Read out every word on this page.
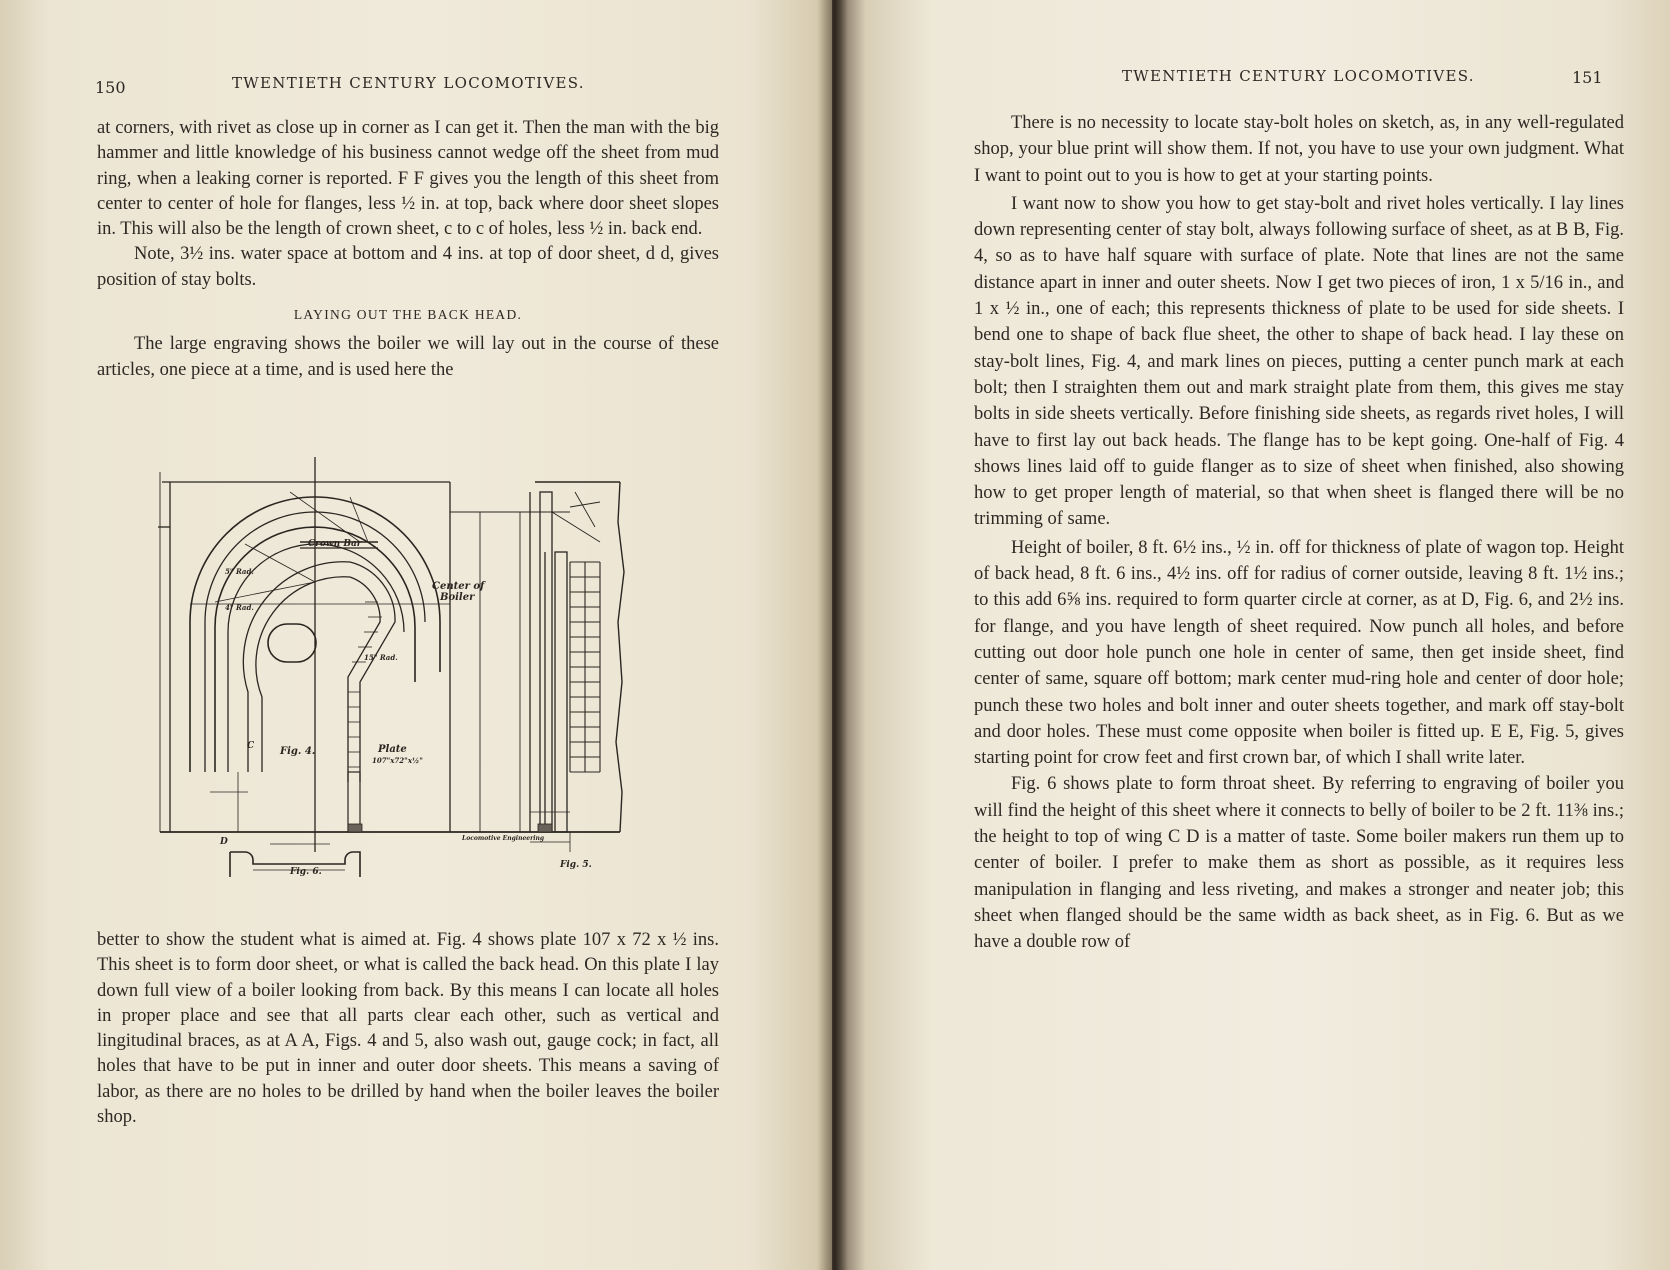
150	TWENTIETH CENTURY LOCOMOTIVES.

at corners, with rivet as close up in corner as I can get it. Then the man with the big hammer and little knowledge of his business cannot wedge off the sheet from mud ring, when a leaking corner is reported. F F gives you the length of this sheet from center to center of hole for flanges, less ½ in. at top, back where door sheet slopes in. This will also be the length of crown sheet, c to c of holes, less ½ in. back end.

Note, 3½ ins. water space at bottom and 4 ins. at top of door sheet, d d, gives position of stay bolts.

LAYING OUT THE BACK HEAD.

The large engraving shows the boiler we will lay out in the course of these articles, one piece at a time, and is used here the

Crown Bar
Center of
Boiler
Fig. 4.	Plate
107"x72"x½"
5" Rad.
4" Rad.
15" Rad.
Locomotive Engineering
Fig. 6.
Fig. 5.
C
D

better to show the student what is aimed at. Fig. 4 shows plate 107 x 72 x ½ ins. This sheet is to form door sheet, or what is called the back head. On this plate I lay down full view of a boiler looking from back. By this means I can locate all holes in proper place and see that all parts clear each other, such as vertical and lingitudinal braces, as at A A, Figs. 4 and 5, also wash out, gauge cock; in fact, all holes that have to be put in inner and outer door sheets. This means a saving of labor, as there are no holes to be drilled by hand when the boiler leaves the boiler shop.

TWENTIETH CENTURY LOCOMOTIVES.	151

There is no necessity to locate stay-bolt holes on sketch, as, in any well-regulated shop, your blue print will show them. If not, you have to use your own judgment. What I want to point out to you is how to get at your starting points.

I want now to show you how to get stay-bolt and rivet holes vertically. I lay lines down representing center of stay bolt, always following surface of sheet, as at B B, Fig. 4, so as to have half square with surface of plate. Note that lines are not the same distance apart in inner and outer sheets. Now I get two pieces of iron, 1 x 5/16 in., and 1 x ½ in., one of each; this represents thickness of plate to be used for side sheets. I bend one to shape of back flue sheet, the other to shape of back head. I lay these on stay-bolt lines, Fig. 4, and mark lines on pieces, putting a center punch mark at each bolt; then I straighten them out and mark straight plate from them, this gives me stay bolts in side sheets vertically. Before finishing side sheets, as regards rivet holes, I will have to first lay out back heads. The flange has to be kept going. One-half of Fig. 4 shows lines laid off to guide flanger as to size of sheet when finished, also showing how to get proper length of material, so that when sheet is flanged there will be no trimming of same.

Height of boiler, 8 ft. 6½ ins., ½ in. off for thickness of plate of wagon top. Height of back head, 8 ft. 6 ins., 4½ ins. off for radius of corner outside, leaving 8 ft. 1½ ins.; to this add 6⅝ ins. required to form quarter circle at corner, as at D, Fig. 6, and 2½ ins. for flange, and you have length of sheet required. Now punch all holes, and before cutting out door hole punch one hole in center of same, then get inside sheet, find center of same, square off bottom; mark center mud-ring hole and center of door hole; punch these two holes and bolt inner and outer sheets together, and mark off stay-bolt and door holes. These must come opposite when boiler is fitted up. E E, Fig. 5, gives starting point for crow feet and first crown bar, of which I shall write later.

Fig. 6 shows plate to form throat sheet. By referring to engraving of boiler you will find the height of this sheet where it connects to belly of boiler to be 2 ft. 11⅜ ins.; the height to top of wing C D is a matter of taste. Some boiler makers run them up to center of boiler. I prefer to make them as short as possible, as it requires less manipulation in flanging and less riveting, and makes a stronger and neater job; this sheet when flanged should be the same width as back sheet, as in Fig. 6. But as we have a double row of
